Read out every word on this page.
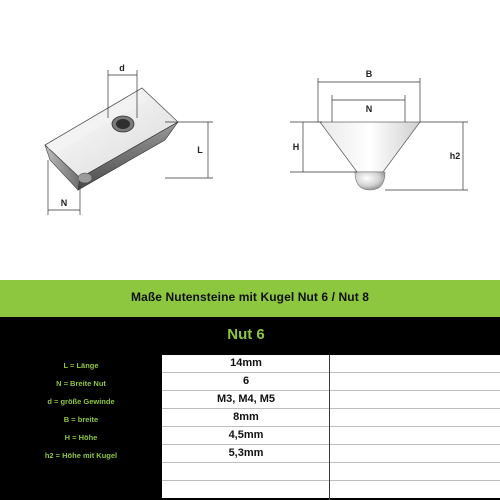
d
L
N
B
N
H
h2
Maße Nutensteine mit Kugel Nut 6 / Nut 8
L = Länge
N = Breite Nut
d = größe Gewinde
B = breite
H = Höhe
h2 = Höhe mit Kugel
Nut 6
14mm
6
M3, M4, M5
8mm
4,5mm
5,3mm
